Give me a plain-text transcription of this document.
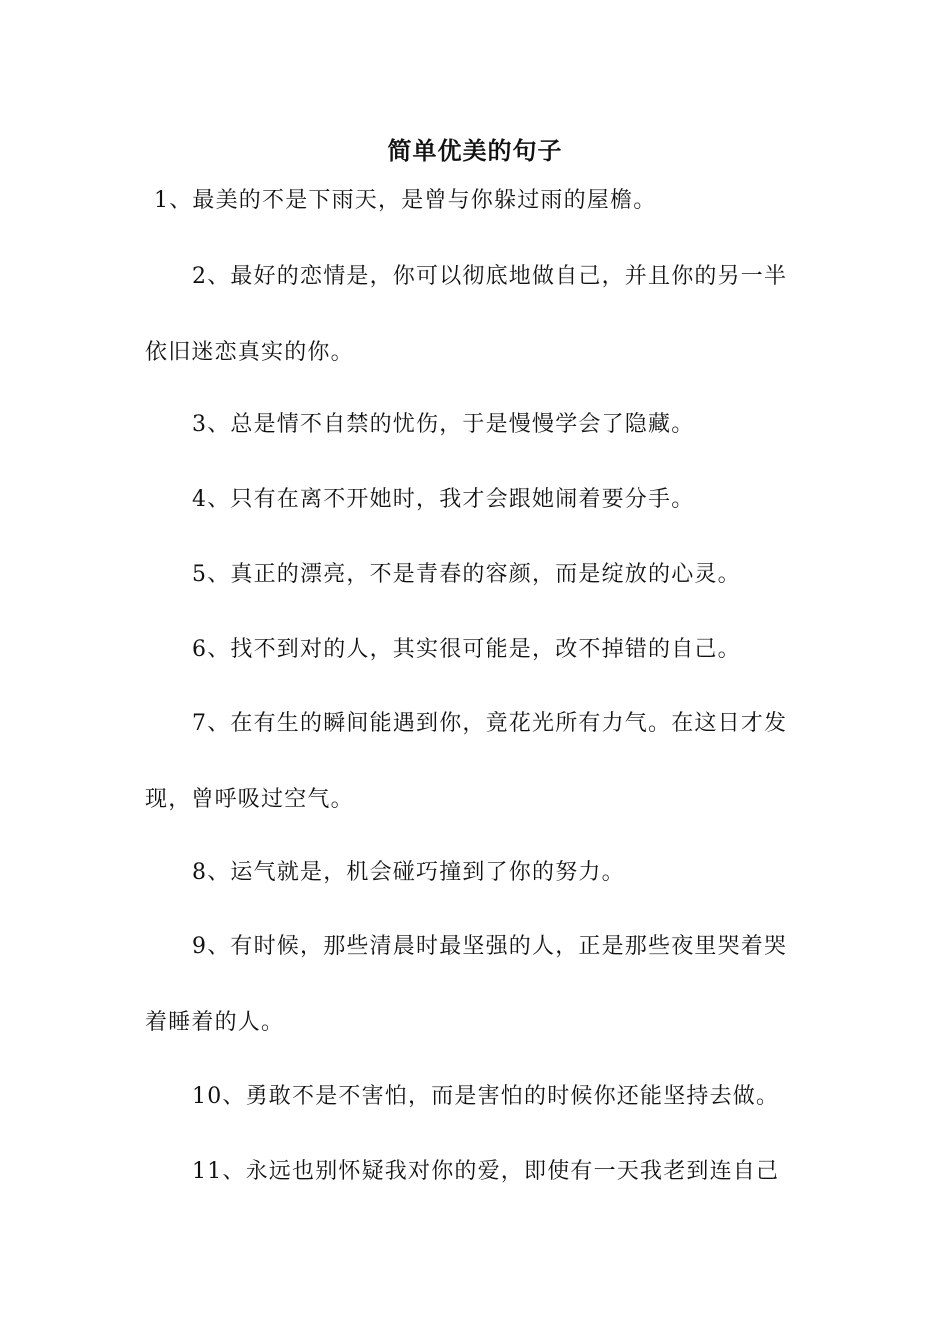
简单优美的句子
1、最美的不是下雨天，是曾与你躲过雨的屋檐。
2、最好的恋情是，你可以彻底地做自己，并且你的另一半
依旧迷恋真实的你。
3、总是情不自禁的忧伤，于是慢慢学会了隐藏。
4、只有在离不开她时，我才会跟她闹着要分手。
5、真正的漂亮，不是青春的容颜，而是绽放的心灵。
6、找不到对的人，其实很可能是，改不掉错的自己。
7、在有生的瞬间能遇到你，竟花光所有力气。在这日才发
现，曾呼吸过空气。
8、运气就是，机会碰巧撞到了你的努力。
9、有时候，那些清晨时最坚强的人，正是那些夜里哭着哭
着睡着的人。
10、勇敢不是不害怕，而是害怕的时候你还能坚持去做。
11、永远也别怀疑我对你的爱，即使有一天我老到连自己
